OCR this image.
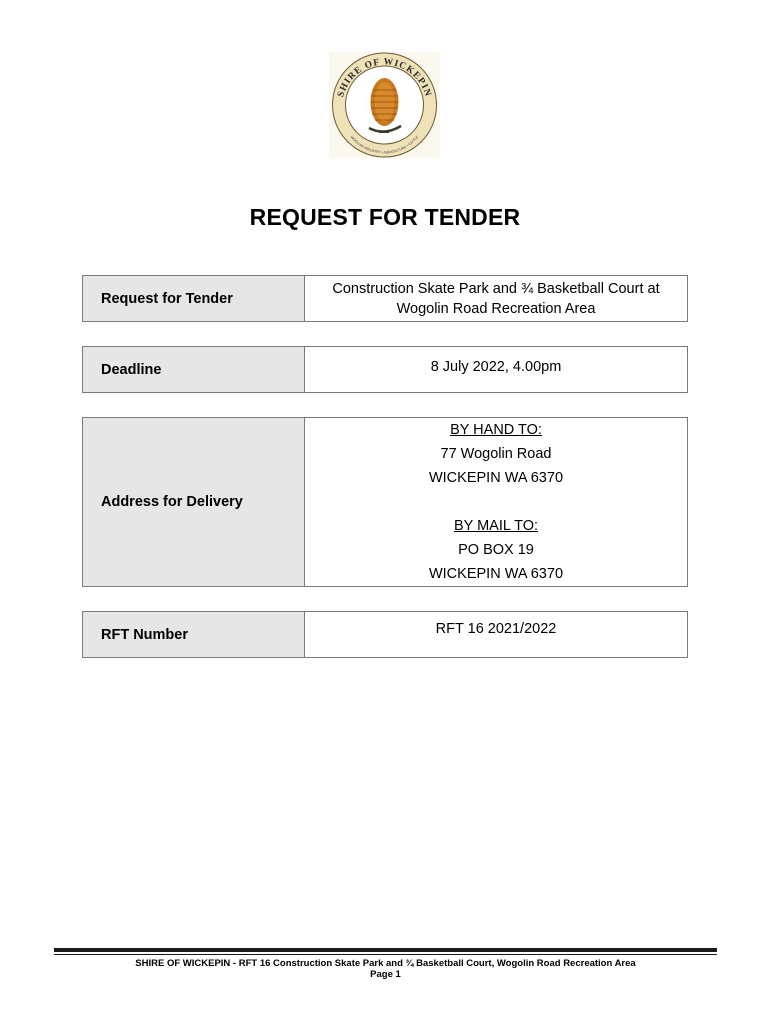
SHIRE OF WICKEPIN
WOOLLEN INDUSTRY • AGRICULTURE • CATTLE
REQUEST FOR TENDER
Request for Tender
Construction Skate Park and ¾ Basketball Court at
Wogolin Road Recreation Area
Deadline	8 July 2022, 4.00pm
Address for Delivery
BY HAND TO:
77 Wogolin Road
WICKEPIN WA 6370
BY MAIL TO:
PO BOX 19
WICKEPIN WA 6370
RFT Number	RFT 16 2021/2022
SHIRE OF WICKEPIN - RFT 16 Construction Skate Park and ¾ Basketball Court, Wogolin Road Recreation Area
Page 1
